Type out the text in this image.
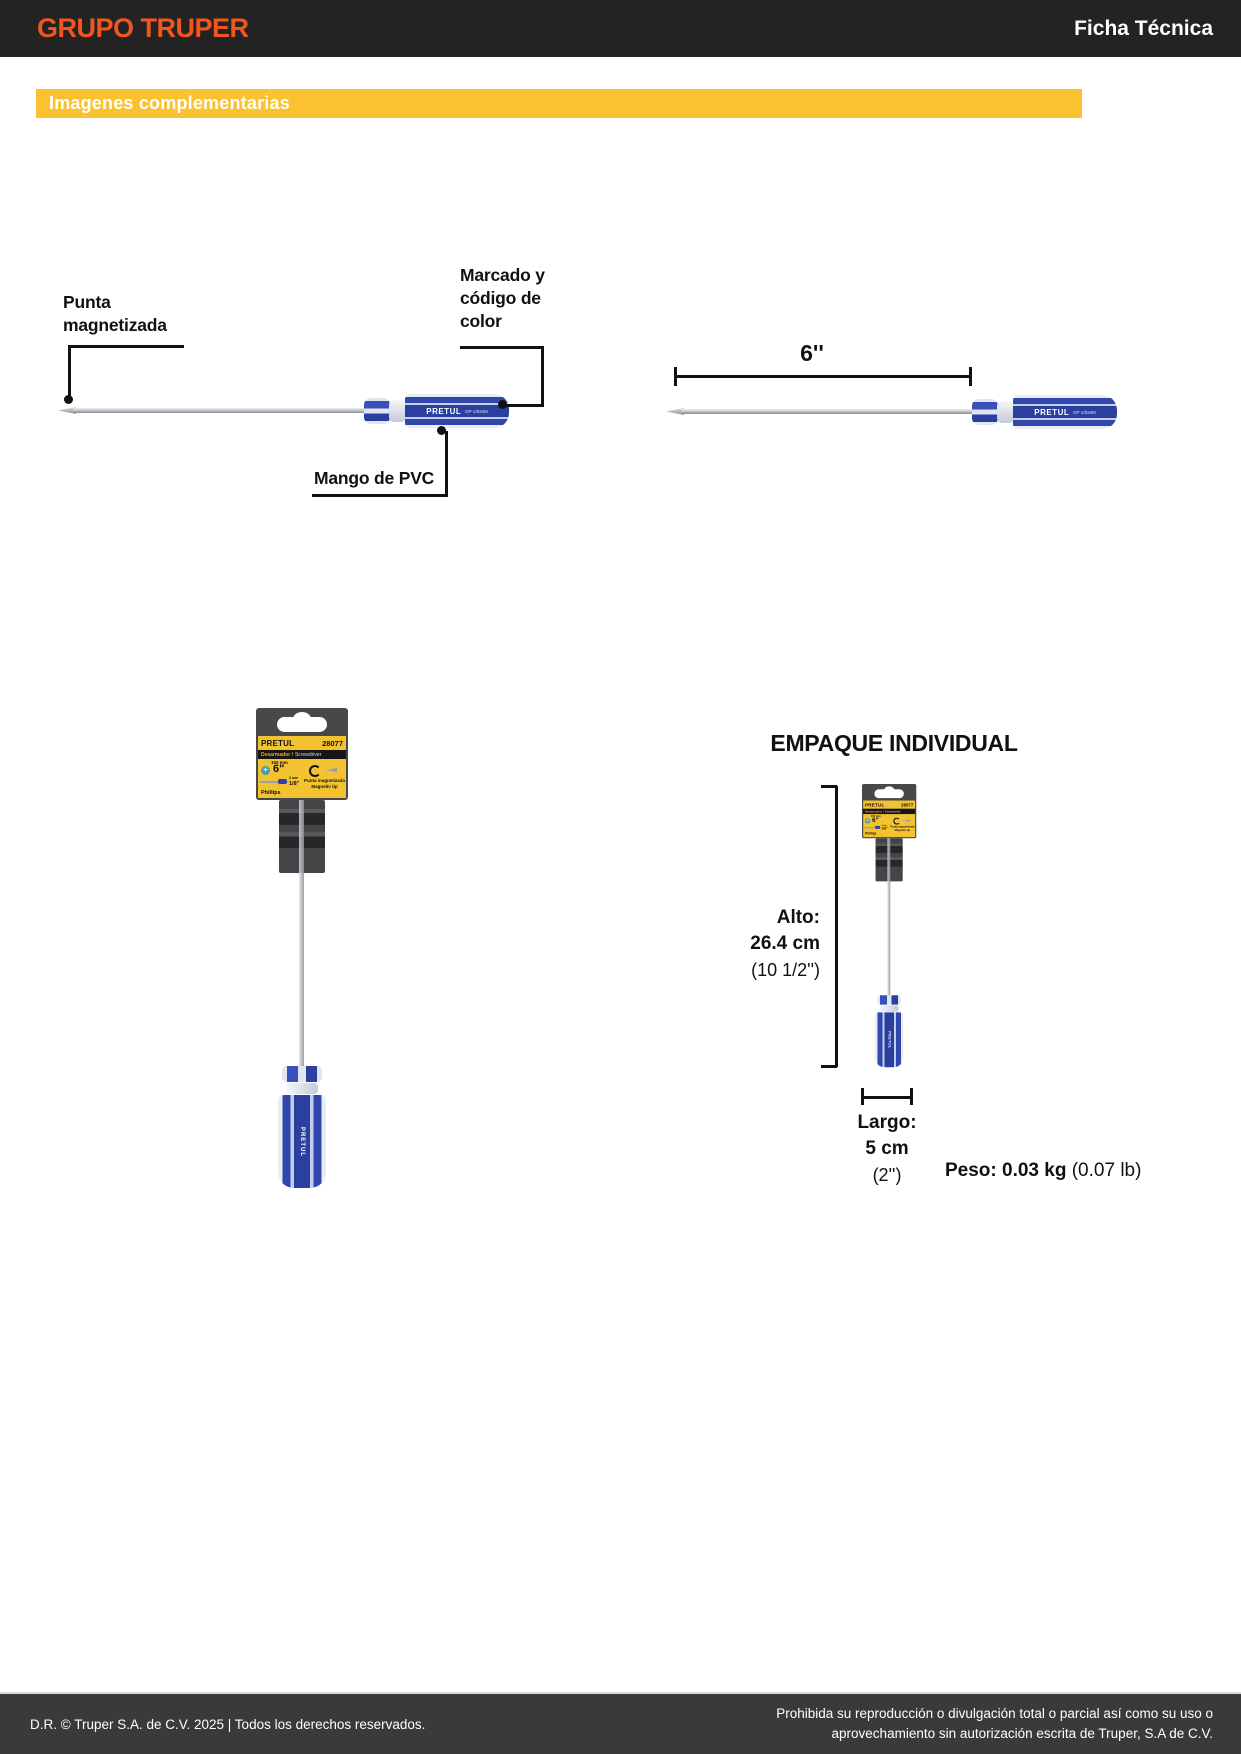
GRUPO TRUPER	Ficha Técnica
Imagenes complementarias
PRETUL DP-1/8x6M
Punta magnetizada
Marcado y código de color
Mango de PVC
6''
PRETUL DP-1/8x6M
PRETUL	28077
Desarmador / Screwdriver
150 mm
+ 6"
3 mm
1/8"
Phillips
Punta magnetizada
Magnetic tip
PRETUL
EMPAQUE INDIVIDUAL
PRETUL 28077
Desarmador / Screwdriver
150 mm
+ 6"
3 mm
1/8"
Phillips
Punta magnetizada
Magnetic tip
PRETUL
Alto:
26.4 cm
(10 1/2'')
Largo:
5 cm
(2'')	Peso: 0.03 kg (0.07 lb)
D.R. © Truper S.A. de C.V. 2025 | Todos los derechos reservados.
Prohibida su reproducción o divulgación total o parcial así como su uso o
aprovechamiento sin autorización escrita de Truper, S.A de C.V.
